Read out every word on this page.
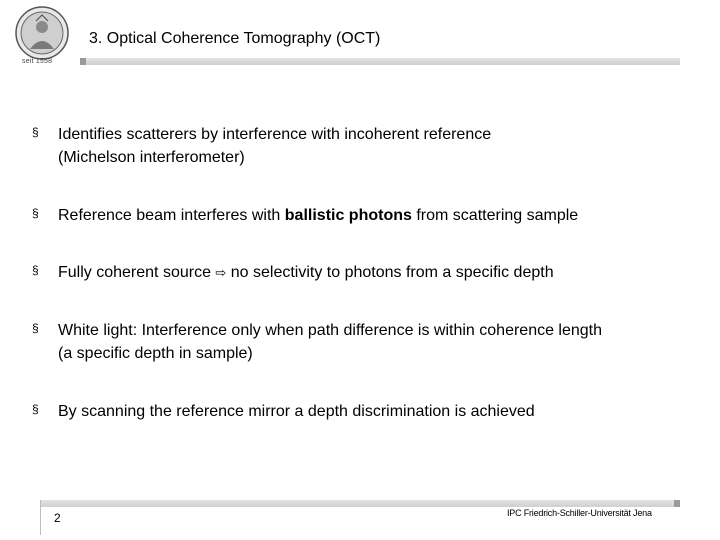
seit 1558
3. Optical Coherence Tomography (OCT)
§ Identifies scatterers by interference with incoherent reference
(Michelson interferometer)
§ Reference beam interferes with ballistic photons from scattering sample
§ Fully coherent source ⇨ no selectivity to photons from a specific depth
§ White light: Interference only when path difference is within coherence length
(a specific depth in sample)
§ By scanning the reference mirror a depth discrimination is achieved
2	IPC Friedrich-Schiller-Universität Jena
